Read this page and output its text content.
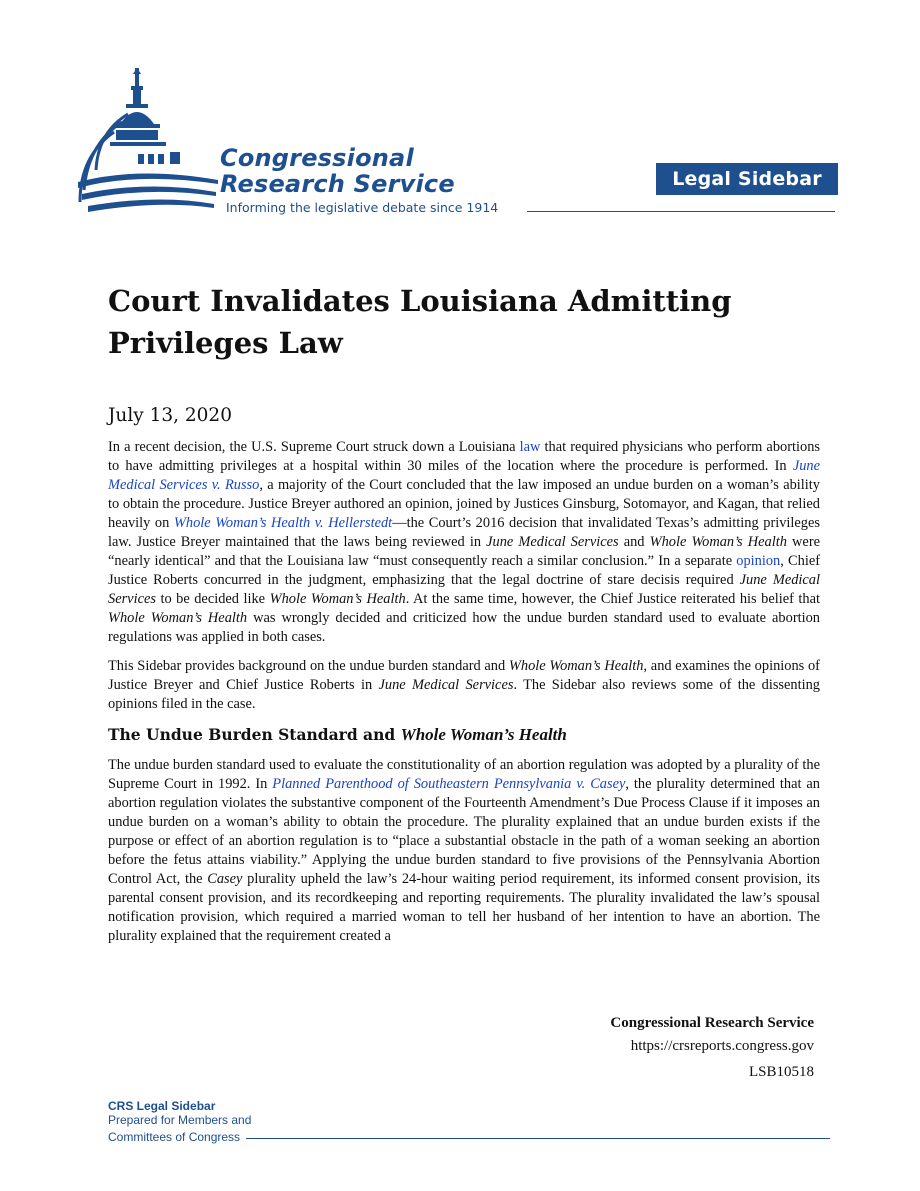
Congressional
Research Service
Informing the legislative debate since 1914
Legal Sidebar
Court Invalidates Louisiana Admitting
Privileges Law
July 13, 2020

In a recent decision, the U.S. Supreme Court struck down a Louisiana law that required physicians who perform abortions to have admitting privileges at a hospital within 30 miles of the location where the procedure is performed. In June Medical Services v. Russo, a majority of the Court concluded that the law imposed an undue burden on a woman’s ability to obtain the procedure. Justice Breyer authored an opinion, joined by Justices Ginsburg, Sotomayor, and Kagan, that relied heavily on Whole Woman’s Health v. Hellerstedt—the Court’s 2016 decision that invalidated Texas’s admitting privileges law. Justice Breyer maintained that the laws being reviewed in June Medical Services and Whole Woman’s Health were “nearly identical” and that the Louisiana law “must consequently reach a similar conclusion.” In a separate opinion, Chief Justice Roberts concurred in the judgment, emphasizing that the legal doctrine of stare decisis required June Medical Services to be decided like Whole Woman’s Health. At the same time, however, the Chief Justice reiterated his belief that Whole Woman’s Health was wrongly decided and criticized how the undue burden standard used to evaluate abortion regulations was applied in both cases.

This Sidebar provides background on the undue burden standard and Whole Woman’s Health, and examines the opinions of Justice Breyer and Chief Justice Roberts in June Medical Services. The Sidebar also reviews some of the dissenting opinions filed in the case.

The Undue Burden Standard and Whole Woman’s Health

The undue burden standard used to evaluate the constitutionality of an abortion regulation was adopted by a plurality of the Supreme Court in 1992. In Planned Parenthood of Southeastern Pennsylvania v. Casey, the plurality determined that an abortion regulation violates the substantive component of the Fourteenth Amendment’s Due Process Clause if it imposes an undue burden on a woman’s ability to obtain the procedure. The plurality explained that an undue burden exists if the purpose or effect of an abortion regulation is to “place a substantial obstacle in the path of a woman seeking an abortion before the fetus attains viability.” Applying the undue burden standard to five provisions of the Pennsylvania Abortion Control Act, the Casey plurality upheld the law’s 24-hour waiting period requirement, its informed consent provision, its parental consent provision, and its recordkeeping and reporting requirements. The plurality invalidated the law’s spousal notification provision, which required a married woman to tell her husband of her intention to have an abortion. The plurality explained that the requirement created a

Congressional Research Service
https://crsreports.congress.gov
LSB10518
CRS Legal Sidebar
Prepared for Members and
Committees of Congress
